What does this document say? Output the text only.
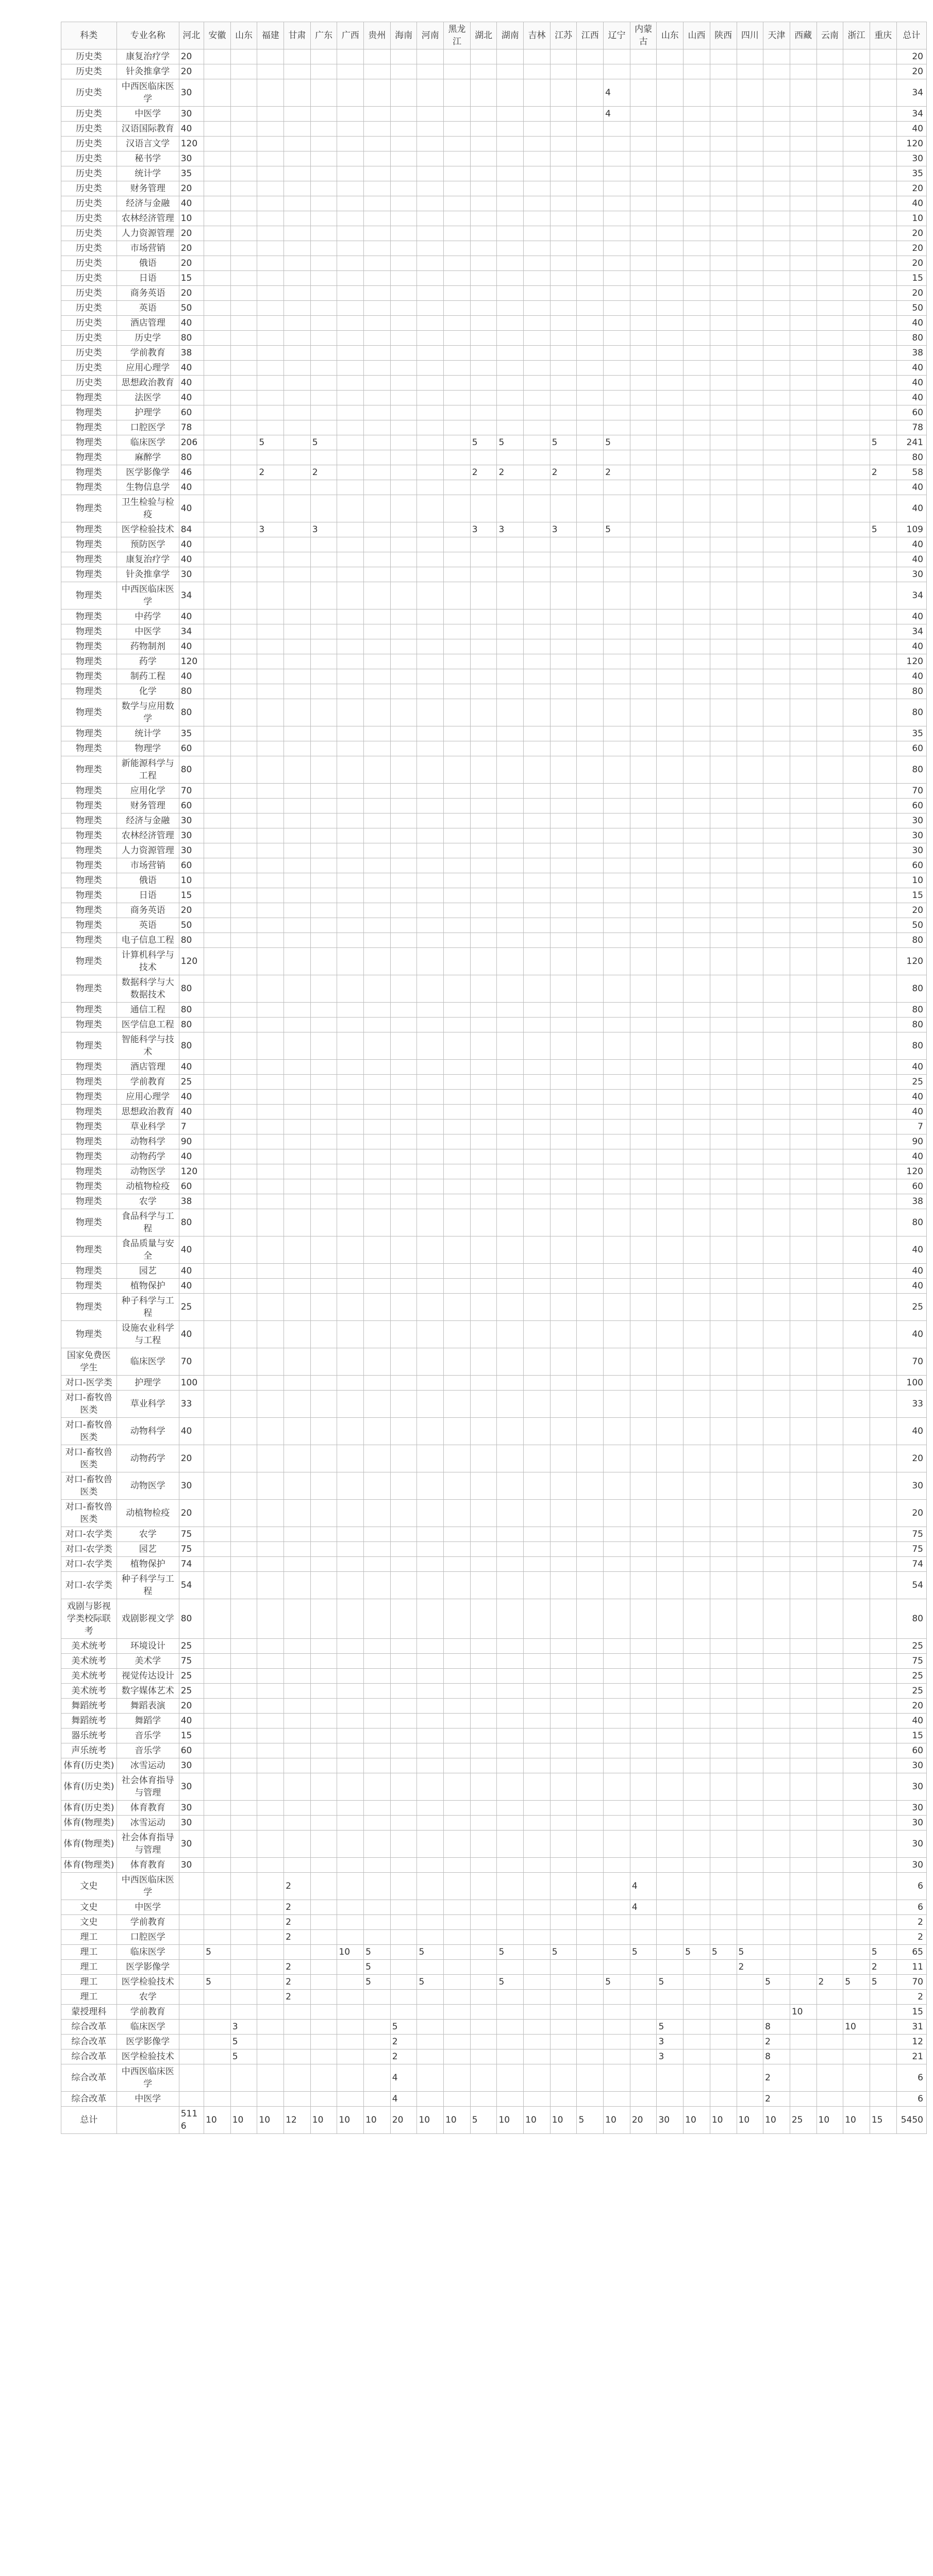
科类	专业名称	河北	安徽	山东	福建	甘肃	广东	广西	贵州	海南	河南	黑龙江	湖北	湖南	吉林	江苏	江西	辽宁	内蒙古	山东	山西	陕西	四川	天津	西藏	云南	浙江	重庆	总计
历史类	康复治疗学	20																											20
历史类	针灸推拿学	20																											20
历史类	中西医临床医学	30																4											34
历史类	中医学	30																4											34
历史类	汉语国际教育	40																											40
历史类	汉语言文学	120																											120
历史类	秘书学	30																											30
历史类	统计学	35																											35
历史类	财务管理	20																											20
历史类	经济与金融	40																											40
历史类	农林经济管理	10																											10
历史类	人力资源管理	20																											20
历史类	市场营销	20																											20
历史类	俄语	20																											20
历史类	日语	15																											15
历史类	商务英语	20																											20
历史类	英语	50																											50
历史类	酒店管理	40																											40
历史类	历史学	80																											80
历史类	学前教育	38																											38
历史类	应用心理学	40																											40
历史类	思想政治教育	40																											40
物理类	法医学	40																											40
物理类	护理学	60																											60
物理类	口腔医学	78																											78
物理类	临床医学	206			5		5						5	5		5		5										5	241
物理类	麻醉学	80																											80
物理类	医学影像学	46			2		2						2	2		2		2										2	58
物理类	生物信息学	40																											40
物理类	卫生检验与检疫	40																											40
物理类	医学检验技术	84			3		3						3	3		3		5										5	109
物理类	预防医学	40																											40
物理类	康复治疗学	40																											40
物理类	针灸推拿学	30																											30
物理类	中西医临床医学	34																											34
物理类	中药学	40																											40
物理类	中医学	34																											34
物理类	药物制剂	40																											40
物理类	药学	120																											120
物理类	制药工程	40																											40
物理类	化学	80																											80
物理类	数学与应用数学	80																											80
物理类	统计学	35																											35
物理类	物理学	60																											60
物理类	新能源科学与工程	80																											80
物理类	应用化学	70																											70
物理类	财务管理	60																											60
物理类	经济与金融	30																											30
物理类	农林经济管理	30																											30
物理类	人力资源管理	30																											30
物理类	市场营销	60																											60
物理类	俄语	10																											10
物理类	日语	15																											15
物理类	商务英语	20																											20
物理类	英语	50																											50
物理类	电子信息工程	80																											80
物理类	计算机科学与技术	120																											120
物理类	数据科学与大数据技术	80																											80
物理类	通信工程	80																											80
物理类	医学信息工程	80																											80
物理类	智能科学与技术	80																											80
物理类	酒店管理	40																											40
物理类	学前教育	25																											25
物理类	应用心理学	40																											40
物理类	思想政治教育	40																											40
物理类	草业科学	7																											7
物理类	动物科学	90																											90
物理类	动物药学	40																											40
物理类	动物医学	120																											120
物理类	动植物检疫	60																											60
物理类	农学	38																											38
物理类	食品科学与工程	80																											80
物理类	食品质量与安全	40																											40
物理类	园艺	40																											40
物理类	植物保护	40																											40
物理类	种子科学与工程	25																											25
物理类	设施农业科学与工程	40																											40
国家免费医学生	临床医学	70																											70
对口-医学类	护理学	100																											100
对口-畜牧兽医类	草业科学	33																											33
对口-畜牧兽医类	动物科学	40																											40
对口-畜牧兽医类	动物药学	20																											20
对口-畜牧兽医类	动物医学	30																											30
对口-畜牧兽医类	动植物检疫	20																											20
对口-农学类	农学	75																											75
对口-农学类	园艺	75																											75
对口-农学类	植物保护	74																											74
对口-农学类	种子科学与工程	54																											54
戏剧与影视学类校际联考	戏剧影视文学	80																											80
美术统考	环境设计	25																											25
美术统考	美术学	75																											75
美术统考	视觉传达设计	25																											25
美术统考	数字媒体艺术	25																											25
舞蹈统考	舞蹈表演	20																											20
舞蹈统考	舞蹈学	40																											40
器乐统考	音乐学	15																											15
声乐统考	音乐学	60																											60
体育(历史类)	冰雪运动	30																											30
体育(历史类)	社会体育指导与管理	30																											30
体育(历史类)	体育教育	30																											30
体育(物理类)	冰雪运动	30																											30
体育(物理类)	社会体育指导与管理	30																											30
体育(物理类)	体育教育	30																											30
文史	中西医临床医学					2													4										6
文史	中医学					2													4										6
文史	学前教育					2																							2
理工	口腔医学					2																							2
理工	临床医学		5					10	5		5			5		5			5		5	5	5					5	65
理工	医学影像学					2			5														2					2	11
理工	医学检验技术		5			2			5		5			5				5		5				5		2	5	5	70
理工	农学					2																							2
蒙授理科	学前教育																								10				15
综合改革	临床医学			3						5										5				8			10		31
综合改革	医学影像学			5						2										3				2					12
综合改革	医学检验技术			5						2										3				8					21
综合改革	中西医临床医学									4														2					6
综合改革	中医学									4														2					6
总计		5116	10	10	10	12	10	10	10	20	10	10	5	10	10	10	5	10	20	30	10	10	10	10	25	10	10	15	5450
